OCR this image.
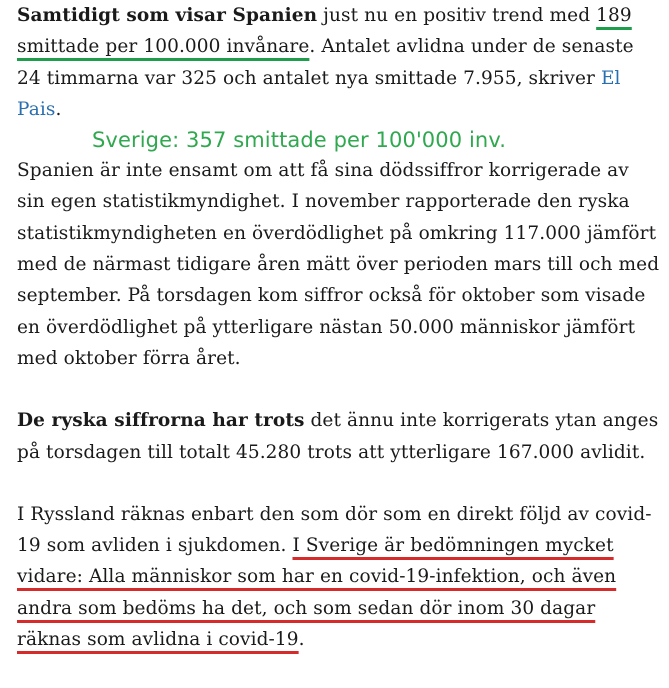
Samtidigt som visar Spanien just nu en positiv trend med 189 smittade per 100.000 invånare. Antalet avlidna under de senaste 24 timmarna var 325 och antalet nya smittade 7.955, skriver El Pais.

Sverige: 357 smittade per 100'000 inv.

Spanien är inte ensamt om att få sina dödssiffror korrigerade av sin egen statistikmyndighet. I november rapporterade den ryska statistikmyndigheten en överdödlighet på omkring 117.000 jämfört med de närmast tidigare åren mätt över perioden mars till och med september. På torsdagen kom siffror också för oktober som visade en överdödlighet på ytterligare nästan 50.000 människor jämfört med oktober förra året.

De ryska siffrorna har trots det ännu inte korrigerats ytan anges på torsdagen till totalt 45.280 trots att ytterligare 167.000 avlidit.

I Ryssland räknas enbart den som dör som en direkt följd av covid-19 som avliden i sjukdomen. I Sverige är bedömningen mycket vidare: Alla människor som har en covid-19-infektion, och även andra som bedöms ha det, och som sedan dör inom 30 dagar räknas som avlidna i covid-19.
